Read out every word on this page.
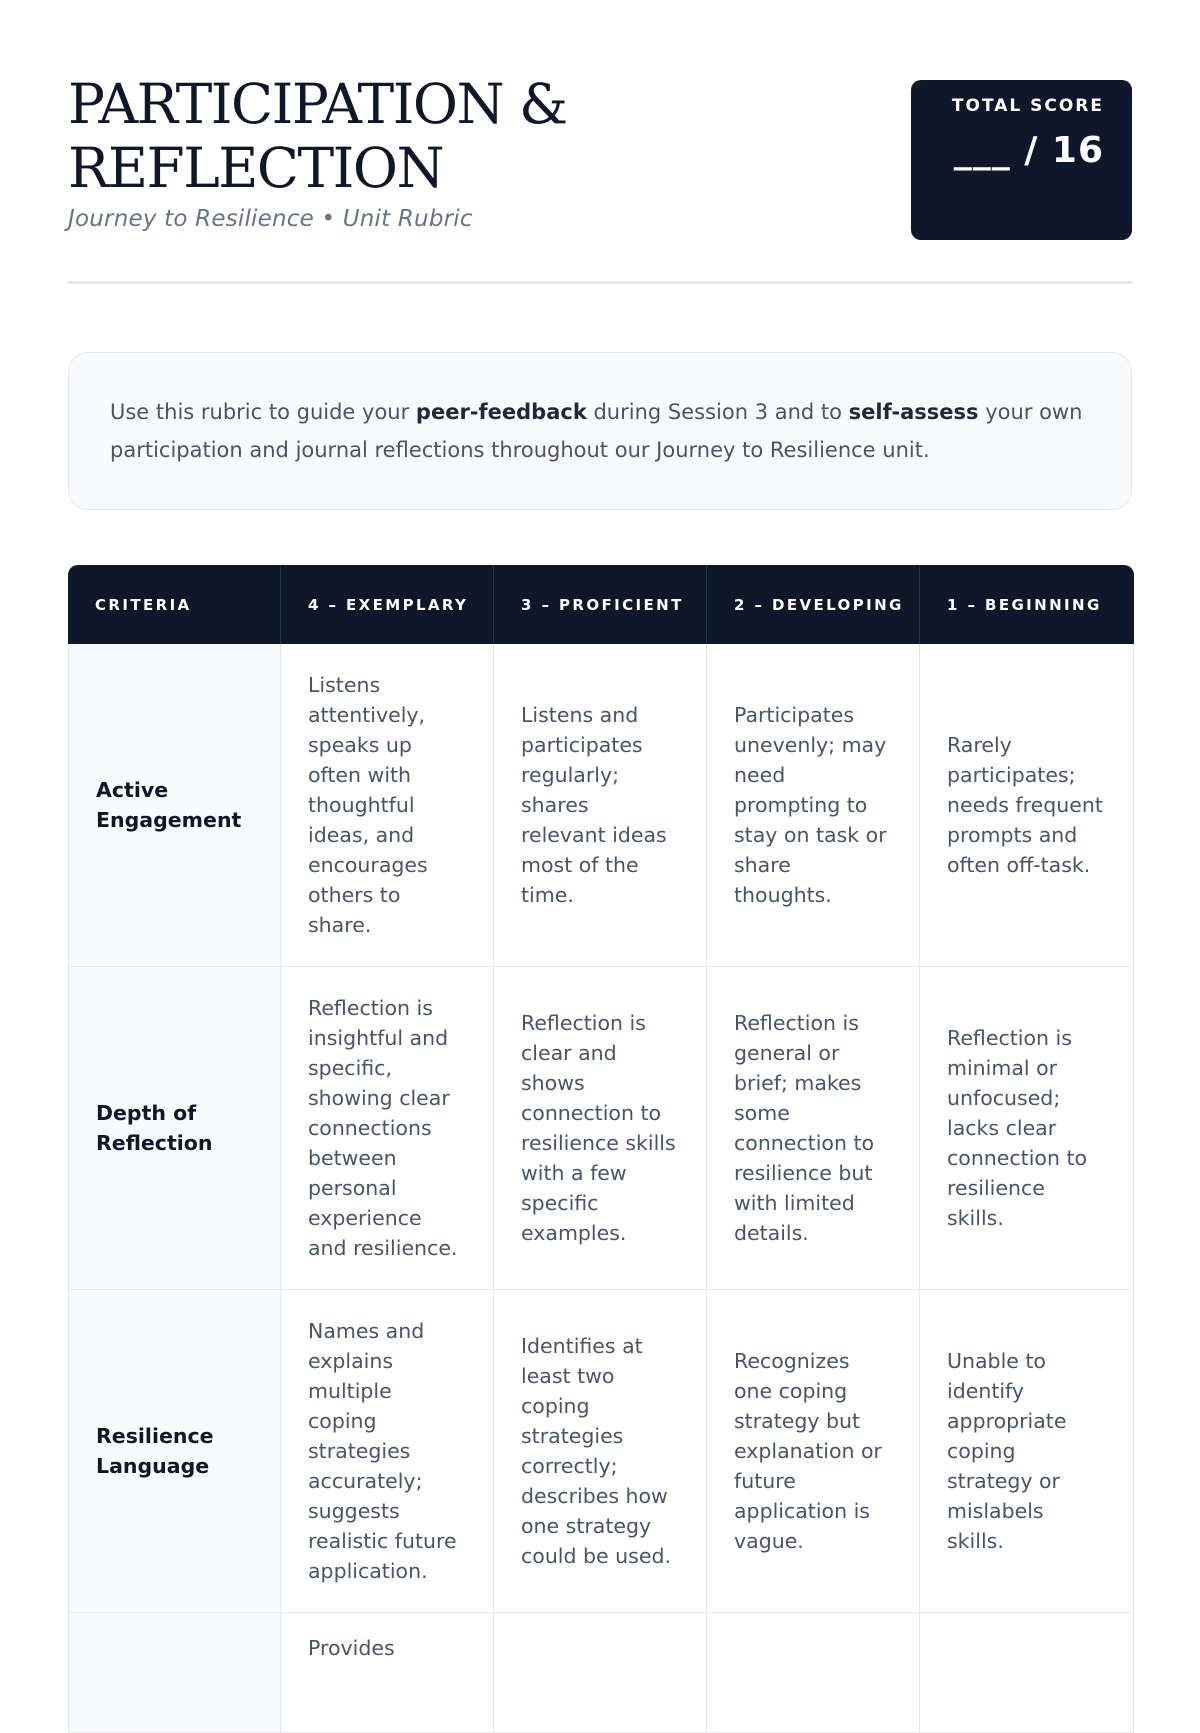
PARTICIPATION & REFLECTION
Journey to Resilience • Unit Rubric
TOTAL SCORE
___ / 16

Use this rubric to guide your peer-feedback during Session 3 and to self-assess your own participation and journal reflections throughout our Journey to Resilience unit.

CRITERIA	4 – EXEMPLARY	3 – PROFICIENT	2 – DEVELOPING	1 – BEGINNING
Active Engagement	Listens attentively, speaks up often with thoughtful ideas, and encourages others to share.	Listens and participates regularly; shares relevant ideas most of the time.	Participates unevenly; may need prompting to stay on task or share thoughts.	Rarely participates; needs frequent prompts and often off-task.
Depth of Reflection	Reflection is insightful and specific, showing clear connections between personal experience and resilience.	Reflection is clear and shows connection to resilience skills with a few specific examples.	Reflection is general or brief; makes some connection to resilience but with limited details.	Reflection is minimal or unfocused; lacks clear connection to resilience skills.
Resilience Language	Names and explains multiple coping strategies accurately; suggests realistic future application.	Identifies at least two coping strategies correctly; describes how one strategy could be used.	Recognizes one coping strategy but explanation or future application is vague.	Unable to identify appropriate coping strategy or mislabels skills.
	Provides			
